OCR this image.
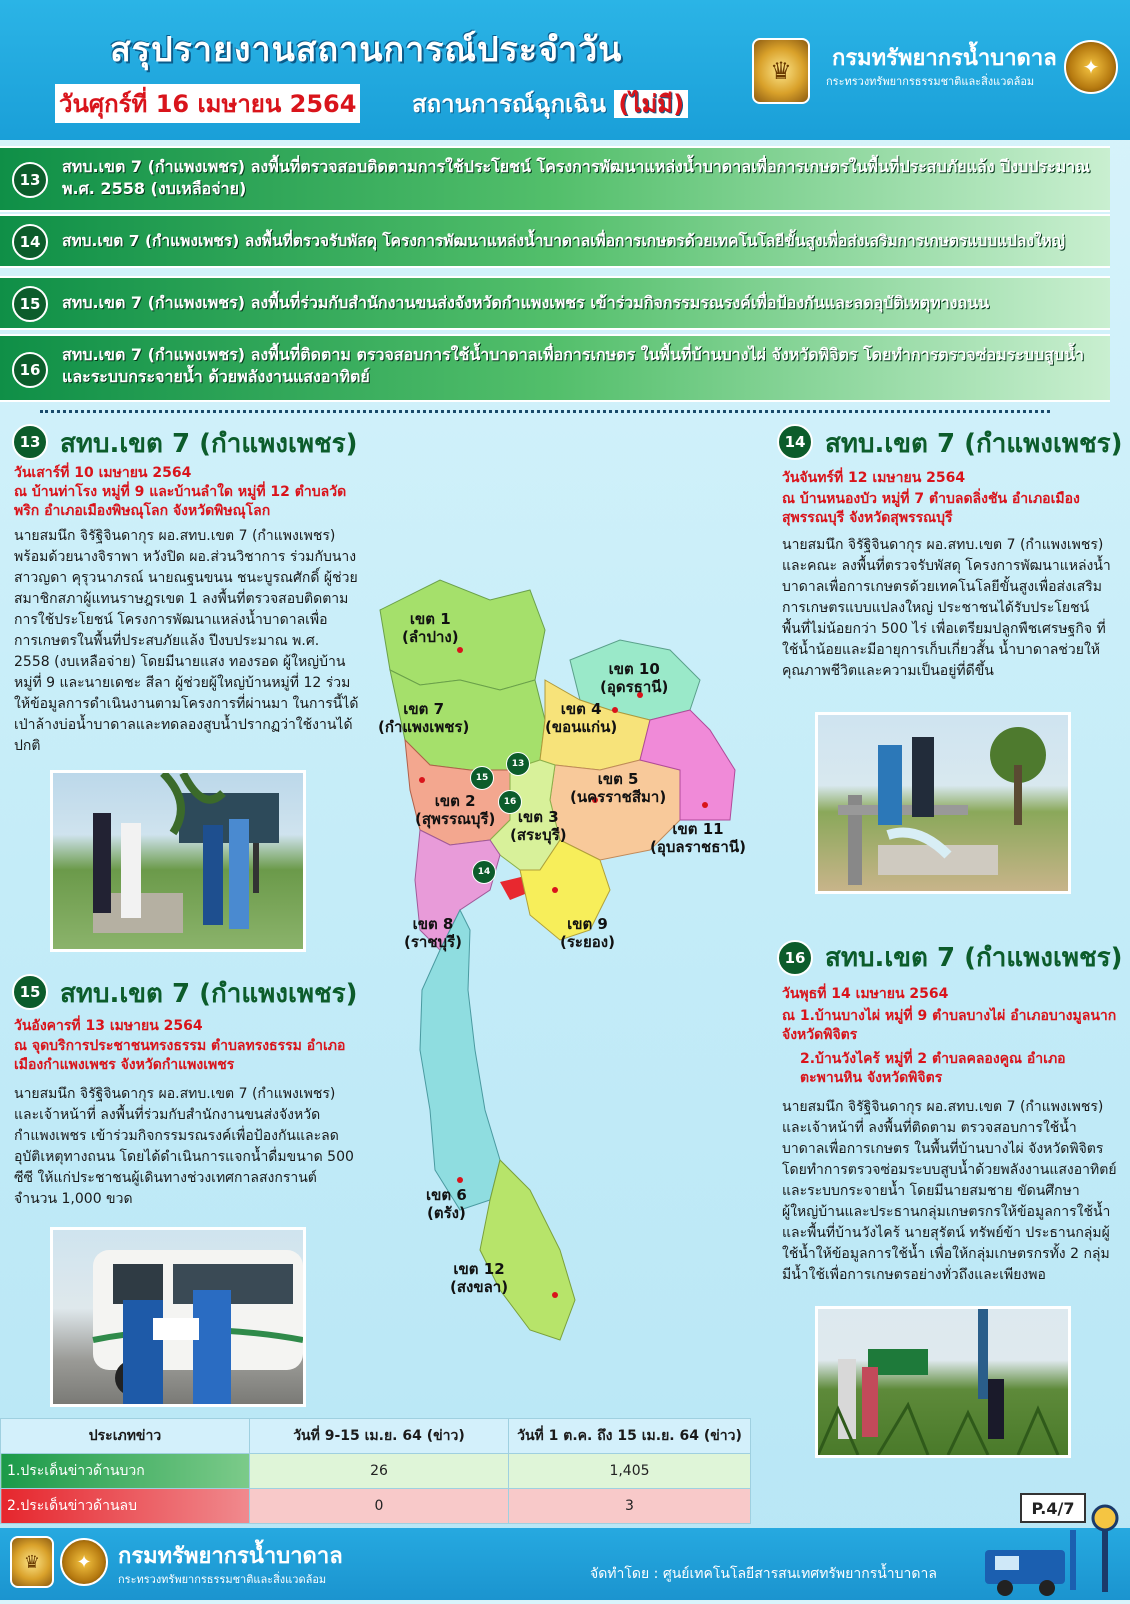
สรุปรายงานสถานการณ์ประจำวัน
วันศุกร์ที่ 16 เมษายน 2564 สถานการณ์ฉุกเฉิน (ไม่มี)
♛	กรมทรัพยากรน้ำบาดาล
กระทรวงทรัพยากรธรรมชาติและสิ่งแวดล้อม
✦
13
สทบ.เขต 7 (กำแพงเพชร) ลงพื้นที่ตรวจสอบติดตามการใช้ประโยชน์ โครงการพัฒนาแหล่งน้ำบาดาลเพื่อการเกษตรในพื้นที่ประสบภัยแล้ง ปีงบประมาณ พ.ศ. 2558 (งบเหลือจ่าย)
14	สทบ.เขต 7 (กำแพงเพชร) ลงพื้นที่ตรวจรับพัสดุ โครงการพัฒนาแหล่งน้ำบาดาลเพื่อการเกษตรด้วยเทคโนโลยีขั้นสูงเพื่อส่งเสริมการเกษตรแบบแปลงใหญ่
15	สทบ.เขต 7 (กำแพงเพชร) ลงพื้นที่ร่วมกับสำนักงานขนส่งจังหวัดกำแพงเพชร เข้าร่วมกิจกรรมรณรงค์เพื่อป้องกันและลดอุบัติเหตุทางถนน
16
สทบ.เขต 7 (กำแพงเพชร) ลงพื้นที่ติดตาม ตรวจสอบการใช้น้ำบาดาลเพื่อการเกษตร ในพื้นที่บ้านบางไผ่ จังหวัดพิจิตร โดยทำการตรวจซ่อมระบบสูบน้ำ และระบบกระจายน้ำ ด้วยพลังงานแสงอาทิตย์
13 สทบ.เขต 7 (กำแพงเพชร)
วันเสาร์ที่ 10 เมษายน 2564
ณ บ้านท่าโรง หมู่ที่ 9 และบ้านลำใด หมู่ที่ 12 ตำบลวัดพริก อำเภอเมืองพิษณุโลก จังหวัดพิษณุโลก
นายสมนึก จิรัฐิจินดากุร ผอ.สทบ.เขต 7 (กำแพงเพชร) พร้อมด้วยนางจิราพา หวังปิด ผอ.ส่วนวิชาการ ร่วมกับนางสาวญดา คุรุวนาภรณ์ นายณฐนขนน ชนะบูรณศักดิ์ ผู้ช่วยสมาชิกสภาผู้แทนราษฎรเขต 1 ลงพื้นที่ตรวจสอบติดตามการใช้ประโยชน์ โครงการพัฒนาแหล่งน้ำบาดาลเพื่อการเกษตรในพื้นที่ประสบภัยแล้ง ปีงบประมาณ พ.ศ. 2558 (งบเหลือจ่าย) โดยมีนายแสง ทองรอด ผู้ใหญ่บ้านหมู่ที่ 9 และนายเดชะ สีลา ผู้ช่วยผู้ใหญ่บ้านหมู่ที่ 12 ร่วมให้ข้อมูลการดำเนินงานตามโครงการที่ผ่านมา ในการนี้ได้เป่าล้างบ่อน้ำบาดาลและทดลองสูบน้ำปรากฏว่าใช้งานได้ปกติ
15 สทบ.เขต 7 (กำแพงเพชร)
วันอังคารที่ 13 เมษายน 2564
ณ จุดบริการประชาชนทรงธรรม ตำบลทรงธรรม อำเภอเมืองกำแพงเพชร จังหวัดกำแพงเพชร
นายสมนึก จิรัฐิจินดากุร ผอ.สทบ.เขต 7 (กำแพงเพชร) และเจ้าหน้าที่ ลงพื้นที่ร่วมกับสำนักงานขนส่งจังหวัดกำแพงเพชร เข้าร่วมกิจกรรมรณรงค์เพื่อป้องกันและลดอุบัติเหตุทางถนน โดยได้ดำเนินการแจกน้ำดื่มขนาด 500 ซีซี ให้แก่ประชาชนผู้เดินทางช่วงเทศกาลสงกรานต์ จำนวน 1,000 ขวด
14 สทบ.เขต 7 (กำแพงเพชร)
วันจันทร์ที่ 12 เมษายน 2564
ณ บ้านหนองบัว หมู่ที่ 7 ตำบลดลิ่งชัน อำเภอเมืองสุพรรณบุรี จังหวัดสุพรรณบุรี
นายสมนึก จิรัฐิจินดากุร ผอ.สทบ.เขต 7 (กำแพงเพชร) และคณะ ลงพื้นที่ตรวจรับพัสดุ โครงการพัฒนาแหล่งน้ำบาดาลเพื่อการเกษตรด้วยเทคโนโลยีขั้นสูงเพื่อส่งเสริมการเกษตรแบบแปลงใหญ่ ประชาชนได้รับประโยชน์พื้นที่ไม่น้อยกว่า 500 ไร่ เพื่อเตรียมปลูกพืชเศรษฐกิจ ที่ใช้น้ำน้อยและมีอายุการเก็บเกี่ยวสั้น น้ำบาดาลช่วยให้คุณภาพชีวิตและความเป็นอยู่ที่ดีขึ้น
16 สทบ.เขต 7 (กำแพงเพชร)
วันพุธที่ 14 เมษายน 2564
ณ 1.บ้านบางไผ่ หมู่ที่ 9 ตำบลบางไผ่ อำเภอบางมูลนาก จังหวัดพิจิตร
2.บ้านวังไคร้ หมู่ที่ 2 ตำบลคลองคูณ อำเภอตะพานหิน จังหวัดพิจิตร
นายสมนึก จิรัฐิจินดากุร ผอ.สทบ.เขต 7 (กำแพงเพชร) และเจ้าหน้าที่ ลงพื้นที่ติดตาม ตรวจสอบการใช้น้ำบาดาลเพื่อการเกษตร ในพื้นที่บ้านบางไผ่ จังหวัดพิจิตร โดยทำการตรวจซ่อมระบบสูบน้ำด้วยพลังงานแสงอาทิตย์ และระบบกระจายน้ำ โดยมีนายสมชาย ขัดนศึกษา ผู้ใหญ่บ้านและประธานกลุ่มเกษตรกรให้ข้อมูลการใช้น้ำ และพื้นที่บ้านวังไคร้ นายสุรัตน์ ทรัพย์ข้า ประธานกลุ่มผู้ใช้น้ำให้ข้อมูลการใช้น้ำ เพื่อให้กลุ่มเกษตรกรทั้ง 2 กลุ่ม มีน้ำใช้เพื่อการเกษตรอย่างทั่วถึงและเพียงพอ
เขต 1
(ลำปาง)
เขต 10
(อุดรธานี)
เขต 4
(ขอนแก่น)
เขต 7
(กำแพงเพชร)
เขต 5
(นครราชสีมา)
เขต 2
(สุพรรณบุรี)	เขต 3
(สระบุรี)	เขต 11
(อุบลราชธานี)
เขต 8
(ราชบุรี)
เขต 9
(ระยอง)
เขต 6
(ตรัง)
เขต 12
(สงขลา)
13
15
16
14
ประเภทข่าว	วันที่ 9-15 เม.ย. 64 (ข่าว)	วันที่ 1 ต.ค. ถึง 15 เม.ย. 64 (ข่าว)
1.ประเด็นข่าวด้านบวก	26	1,405
2.ประเด็นข่าวด้านลบ	0	3	P.4/7
♛	✦	กรมทรัพยากรน้ำบาดาล
กระทรวงทรัพยากรธรรมชาติและสิ่งแวดล้อม	จัดทำโดย : ศูนย์เทคโนโลยีสารสนเทศทรัพยากรน้ำบาดาล
